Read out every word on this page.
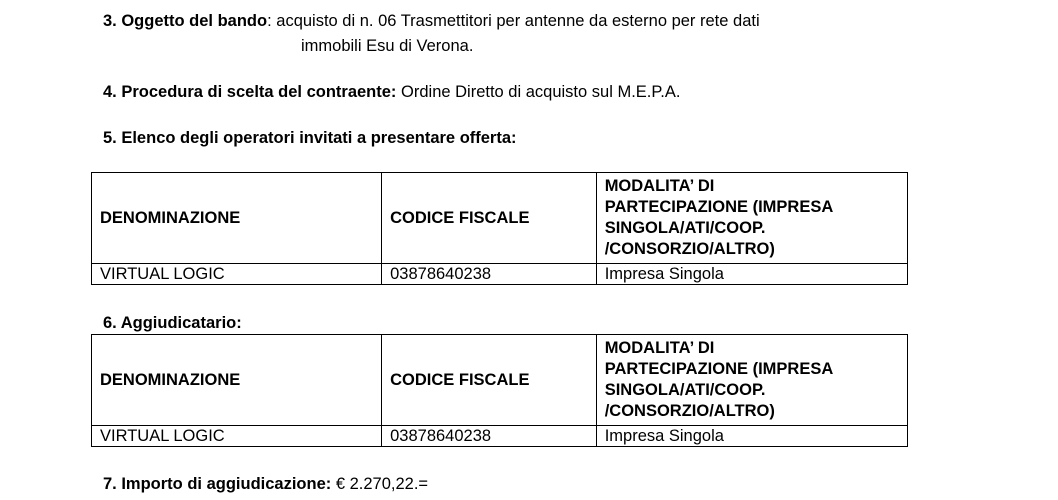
3. Oggetto del bando: acquisto di n. 06 Trasmettitori per antenne da esterno per rete dati
immobili Esu di Verona.
4. Procedura di scelta del contraente: Ordine Diretto di acquisto sul M.E.P.A.
5. Elenco degli operatori invitati a presentare offerta:
DENOMINAZIONE	CODICE FISCALE	MODALITA’ DI
PARTECIPAZIONE (IMPRESA
SINGOLA/ATI/COOP.
/CONSORZIO/ALTRO)
VIRTUAL LOGIC	03878640238	Impresa Singola
6. Aggiudicatario:
DENOMINAZIONE	CODICE FISCALE	MODALITA’ DI
PARTECIPAZIONE (IMPRESA
SINGOLA/ATI/COOP.
/CONSORZIO/ALTRO)
VIRTUAL LOGIC	03878640238	Impresa Singola
7. Importo di aggiudicazione: € 2.270,22.=
